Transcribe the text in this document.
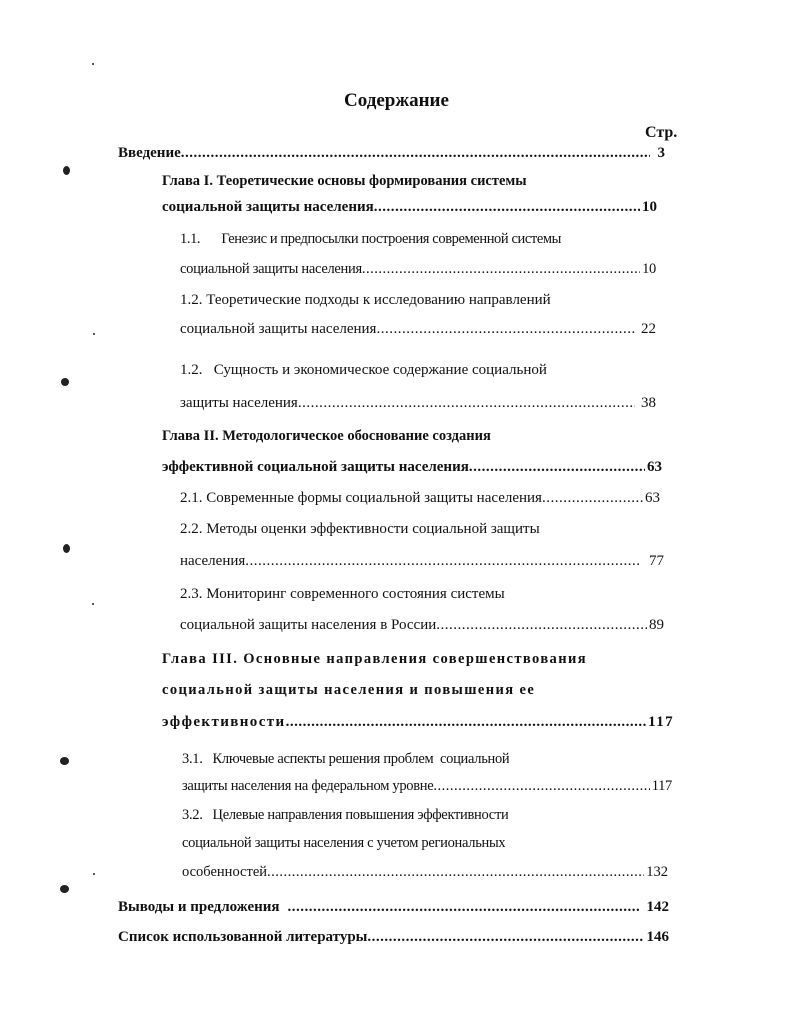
Содержание
Стр.
Введение .....	3
Глава I. Теоретические основы формирования системы
социальной защиты населения .....	10
1.1. Генезис и предпосылки построения современной системы
социальной защиты населения .....	10
1.2. Теоретические подходы к исследованию направлений
социальной защиты населения .....	22
1.2.   Сущность и экономическое содержание социальной
защиты населения .....	38
Глава II. Методологическое обоснование создания
эффективной социальной защиты населения .....	63
2.1. Современные формы социальной защиты населения .....	63
2.2. Методы оценки эффективности социальной защиты
населения .....	77
2.3. Мониторинг современного состояния системы
социальной защиты населения в России .....	89
Глава III. Основные направления совершенствования
социальной защиты населения и повышения ее
эффективности .....	117
3.1.   Ключевые аспекты решения проблем  социальной
защиты населения на федеральном уровне .....	117
3.2.   Целевые направления повышения эффективности
социальной защиты населения с учетом региональных
особенностей .....	132
Выводы и предложения .....	142
Список использованной литературы .....	146
